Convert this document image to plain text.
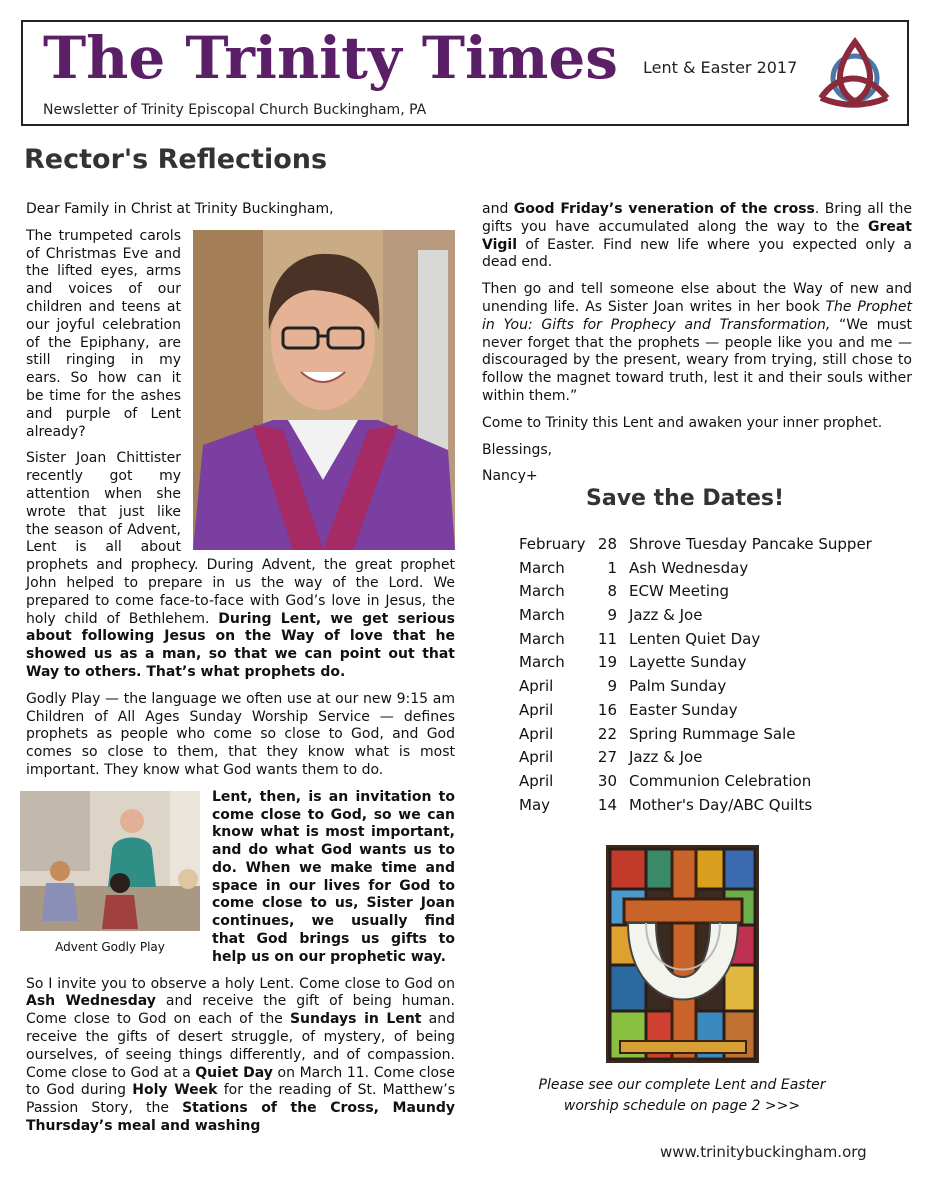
The Trinity Times Lent & Easter 2017
Newsletter of Trinity Episcopal Church Buckingham, PA
Rector's Reflections

Dear Family in Christ at Trinity Buckingham,

The trumpeted carols of Christmas Eve and the lifted eyes, arms and voices of our children and teens at our joyful celebration of the Epiphany, are still ringing in my ears. So how can it be time for the ashes and purple of Lent already?

Sister Joan Chittister recently got my attention when she wrote that just like the season of Advent, Lent is all about prophets and prophecy. During Advent, the great prophet John helped to prepare in us the way of the Lord. We prepared to come face-to-face with God’s love in Jesus, the holy child of Bethlehem. During Lent, we get serious about following Jesus on the Way of love that he showed us as a man, so that we can point out that Way to others. That’s what prophets do.

Godly Play — the language we often use at our new 9:15 am Children of All Ages Sunday Worship Service — defines prophets as people who come so close to God, and God comes so close to them, that they know what is most important. They know what God wants them to do.

Advent Godly Play

Lent, then, is an invitation to come close to God, so we can know what is most important, and do what God wants us to do. When we make time and space in our lives for God to come close to us, Sister Joan continues, we usually find that God brings us gifts to help us on our prophetic way.

So I invite you to observe a holy Lent. Come close to God on Ash Wednesday and receive the gift of being human. Come close to God on each of the Sundays in Lent and receive the gifts of desert struggle, of mystery, of being ourselves, of seeing things differently, and of compassion. Come close to God at a Quiet Day on March 11. Come close to God during Holy Week for the reading of St. Matthew’s Passion Story, the Stations of the Cross, Maundy Thursday’s meal and washing

and Good Friday’s veneration of the cross. Bring all the gifts you have accumulated along the way to the Great Vigil of Easter. Find new life where you expected only a dead end.

Then go and tell someone else about the Way of new and unending life. As Sister Joan writes in her book The Prophet in You: Gifts for Prophecy and Transformation, “We must never forget that the prophets — people like you and me — discouraged by the present, weary from trying, still chose to follow the magnet toward truth, lest it and their souls wither within them.”

Come to Trinity this Lent and awaken your inner prophet.

Blessings,

Nancy+

Save the Dates!
February 28 Shrove Tuesday Pancake Supper
March	1 Ash Wednesday
March	8 ECW Meeting
March	9 Jazz & Joe
March	11 Lenten Quiet Day
March	19 Layette Sunday
April	9 Palm Sunday
April	16 Easter Sunday
April	22 Spring Rummage Sale
April	27 Jazz & Joe
April	30 Communion Celebration
May	14 Mother's Day/ABC Quilts
Please see our complete Lent and Easter worship schedule on page 2 >>>
www.trinitybuckingham.org
